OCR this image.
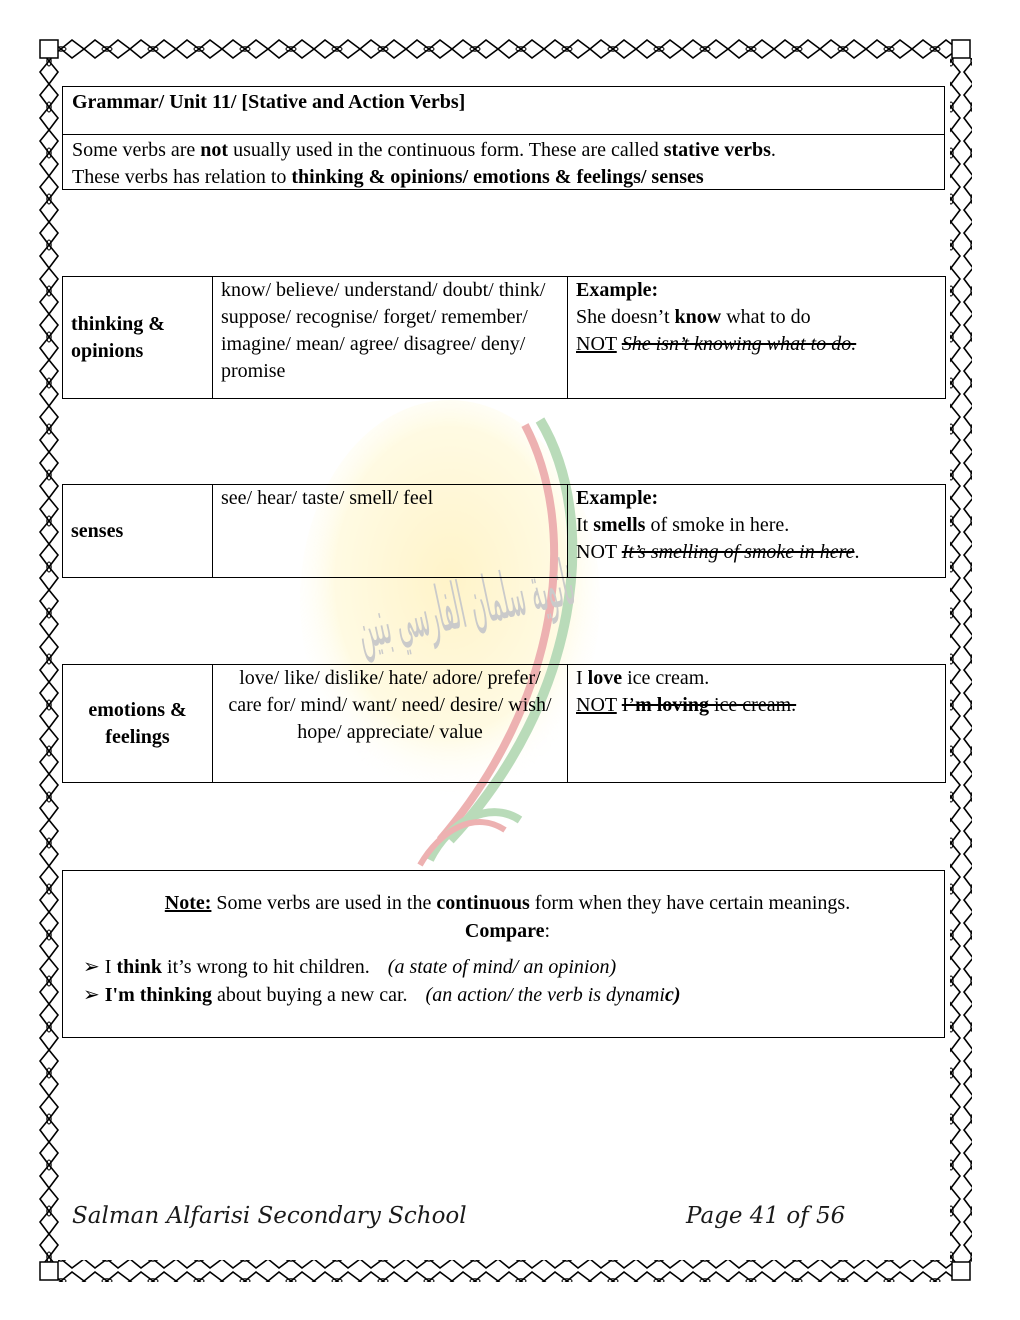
Grammar/ Unit 11/ [Stative and Action Verbs]
Some verbs are not usually used in the continuous form. These are called stative verbs.
These verbs has relation to thinking & opinions/ emotions & feelings/ senses
thinking & opinions	know/ believe/ understand/ doubt/ think/ suppose/ recognise/ forget/ remember/ imagine/ mean/ agree/ disagree/ deny/ promise	Example:
She doesn’t know what to do
NOT She isn’t knowing what to do.
senses	see/ hear/ taste/ smell/ feel	Example:
It smells of smoke in here.
NOT It’s smelling of smoke in here.
emotions & feelings	love/ like/ dislike/ hate/ adore/ prefer/ care for/ mind/ want/ need/ desire/ wish/ hope/ appreciate/ value	I love ice cream.
NOT I’m loving ice cream.
Note: Some verbs are used in the continuous form when they have certain meanings.
Compare:
➢ I think it’s wrong to hit children. (a state of mind/ an opinion)
➢ I'm thinking about buying a new car. (an action/ the verb is dynamic)
Salman Alfarisi Secondary School	Page 41 of 56
